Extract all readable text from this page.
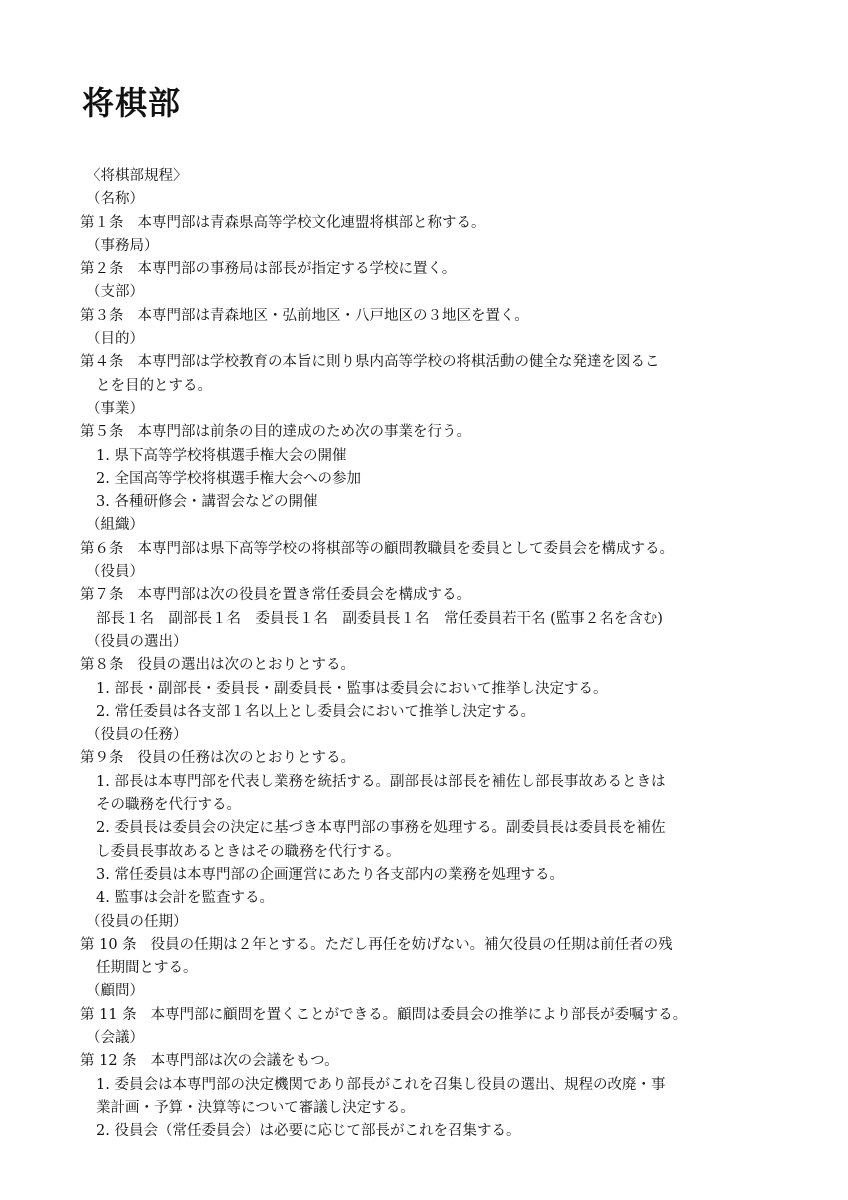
将棋部
〈将棋部規程〉
（名称）
第１条 本専門部は青森県高等学校文化連盟将棋部と称する。
（事務局）
第２条 本専門部の事務局は部長が指定する学校に置く。
（支部）
第３条 本専門部は青森地区・弘前地区・八戸地区の３地区を置く。
（目的）
第４条 本専門部は学校教育の本旨に則り県内高等学校の将棋活動の健全な発達を図るこ
とを目的とする。
（事業）
第５条 本専門部は前条の目的達成のため次の事業を行う。
1. 県下高等学校将棋選手権大会の開催
2. 全国高等学校将棋選手権大会への参加
3. 各種研修会・講習会などの開催
（組織）
第６条 本専門部は県下高等学校の将棋部等の顧問教職員を委員として委員会を構成する。
（役員）
第７条 本専門部は次の役員を置き常任委員会を構成する。
部長１名　副部長１名　委員長１名　副委員長１名　常任委員若干名 (監事２名を含む)
（役員の選出）
第８条 役員の選出は次のとおりとする。
1. 部長・副部長・委員長・副委員長・監事は委員会において推挙し決定する。
2. 常任委員は各支部１名以上とし委員会において推挙し決定する。
（役員の任務）
第９条 役員の任務は次のとおりとする。
1. 部長は本専門部を代表し業務を統括する。副部長は部長を補佐し部長事故あるときは
その職務を代行する。
2. 委員長は委員会の決定に基づき本専門部の事務を処理する。副委員長は委員長を補佐
し委員長事故あるときはその職務を代行する。
3. 常任委員は本専門部の企画運営にあたり各支部内の業務を処理する。
4. 監事は会計を監査する。
（役員の任期）
第 10 条 役員の任期は２年とする。ただし再任を妨げない。補欠役員の任期は前任者の残
任期間とする。
（顧問）
第 11 条 本専門部に顧問を置くことができる。顧問は委員会の推挙により部長が委嘱する。
（会議）
第 12 条 本専門部は次の会議をもつ。
1. 委員会は本専門部の決定機関であり部長がこれを召集し役員の選出、規程の改廃・事
業計画・予算・決算等について審議し決定する。
2. 役員会（常任委員会）は必要に応じて部長がこれを召集する。
